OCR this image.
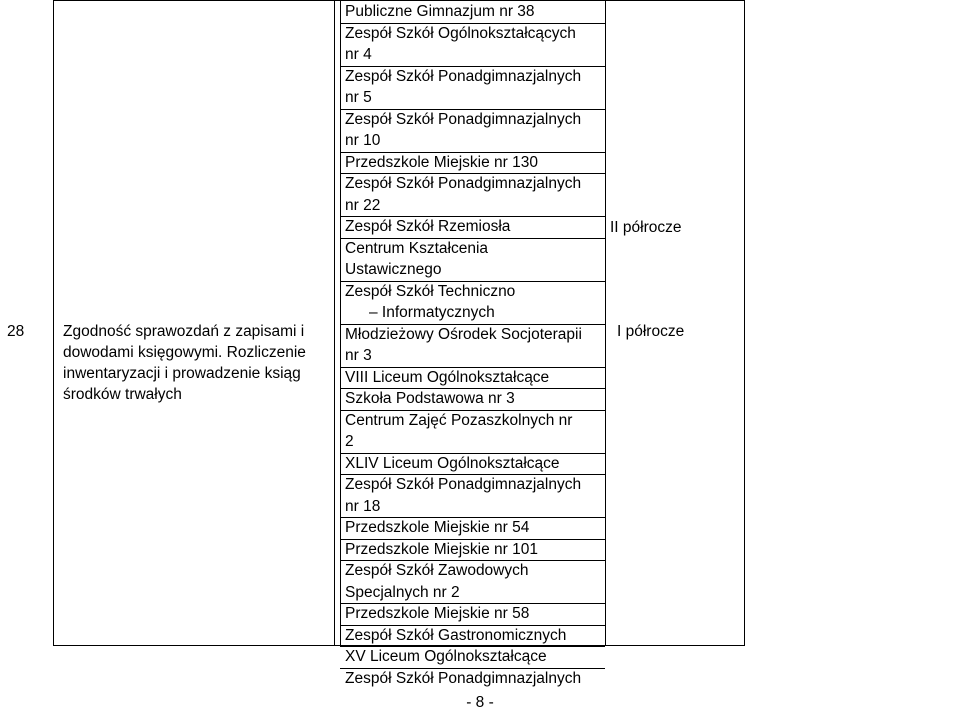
28	Zgodność sprawozdań z zapisami i
dowodami księgowymi. Rozliczenie
inwentaryzacji i prowadzenie ksiąg
środków trwałych
II półrocze
I półrocze
Publiczne Gimnazjum nr 38
Zespół Szkół Ogólnokształcących
nr 4
Zespół Szkół Ponadgimnazjalnych
nr 5
Zespół Szkół Ponadgimnazjalnych
nr 10
Przedszkole Miejskie nr 130
Zespół Szkół Ponadgimnazjalnych
nr 22
Zespół Szkół Rzemiosła
Centrum Kształcenia
Ustawicznego
Zespół Szkół Techniczno
– Informatycznych
Młodzieżowy Ośrodek Socjoterapii
nr 3
VIII Liceum Ogólnokształcące
Szkoła Podstawowa nr 3
Centrum Zajęć Pozaszkolnych nr
2
XLIV Liceum Ogólnokształcące
Zespół Szkół Ponadgimnazjalnych
nr 18
Przedszkole Miejskie nr 54
Przedszkole Miejskie nr 101
Zespół Szkół Zawodowych
Specjalnych nr 2
Przedszkole Miejskie nr 58
Zespół Szkół Gastronomicznych
XV Liceum Ogólnokształcące
Zespół Szkół Ponadgimnazjalnych
- 8 -
